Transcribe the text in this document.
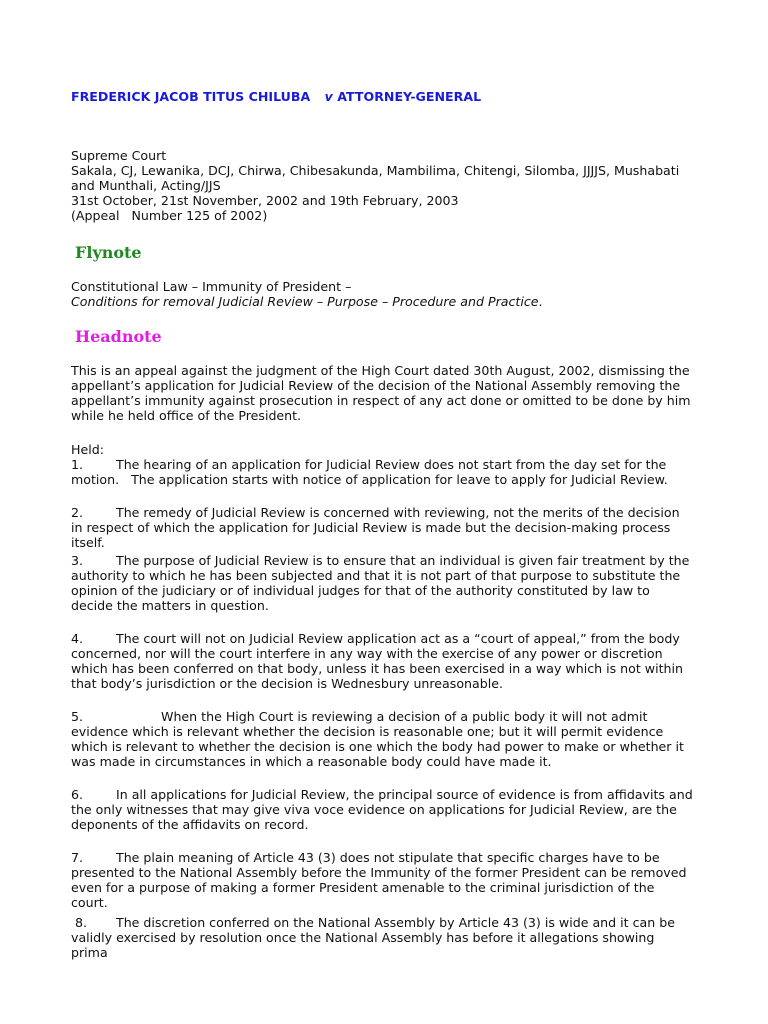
FREDERICK JACOB TITUS CHILUBA v ATTORNEY-GENERAL
Supreme Court
Sakala, CJ, Lewanika, DCJ, Chirwa, Chibesakunda, Mambilima, Chitengi, Silomba, JJJJS, Mushabati and Munthali, Acting/JJS
31st October, 21st November, 2002 and 19th February, 2003
(Appeal   Number 125 of 2002)
Flynote
Constitutional Law – Immunity of President –
Conditions for removal Judicial Review – Purpose – Procedure and Practice.
Headnote
This is an appeal against the judgment of the High Court dated 30th August, 2002, dismissing the appellant’s application for Judicial Review of the decision of the National Assembly removing the appellant’s immunity against prosecution in respect of any act done or omitted to be done by him while he held office of the President.
Held:
1.	The hearing of an application for Judicial Review does not start from the day set for the motion.   The application starts with notice of application for leave to apply for Judicial Review.
2.	The remedy of Judicial Review is concerned with reviewing, not the merits of the decision in respect of which the application for Judicial Review is made but the decision-making process itself.
3.	The purpose of Judicial Review is to ensure that an individual is given fair treatment by the authority to which he has been subjected and that it is not part of that purpose to substitute the opinion of the judiciary or of individual judges for that of the authority constituted by law to decide the matters in question.
4.	The court will not on Judicial Review application act as a “court of appeal,” from the body concerned, nor will the court interfere in any way with the exercise of any power or discretion which has been conferred on that body, unless it has been exercised in a way which is not within that body’s jurisdiction or the decision is Wednesbury unreasonable.
5.	When the High Court is reviewing a decision of a public body it will not admit evidence which is relevant whether the decision is reasonable one; but it will permit evidence which is relevant to whether the decision is one which the body had power to make or whether it was made in circumstances in which a reasonable body could have made it.
6.	In all applications for Judicial Review, the principal source of evidence is from affidavits and the only witnesses that may give viva voce evidence on applications for Judicial Review, are the deponents of the affidavits on record.
7.	The plain meaning of Article 43 (3) does not stipulate that specific charges have to be presented to the National Assembly before the Immunity of the former President can be removed even for a purpose of making a former President amenable to the criminal jurisdiction of the court.
8. The discretion conferred on the National Assembly by Article 43 (3) is wide and it can be validly exercised by resolution once the National Assembly has before it allegations showing prima
